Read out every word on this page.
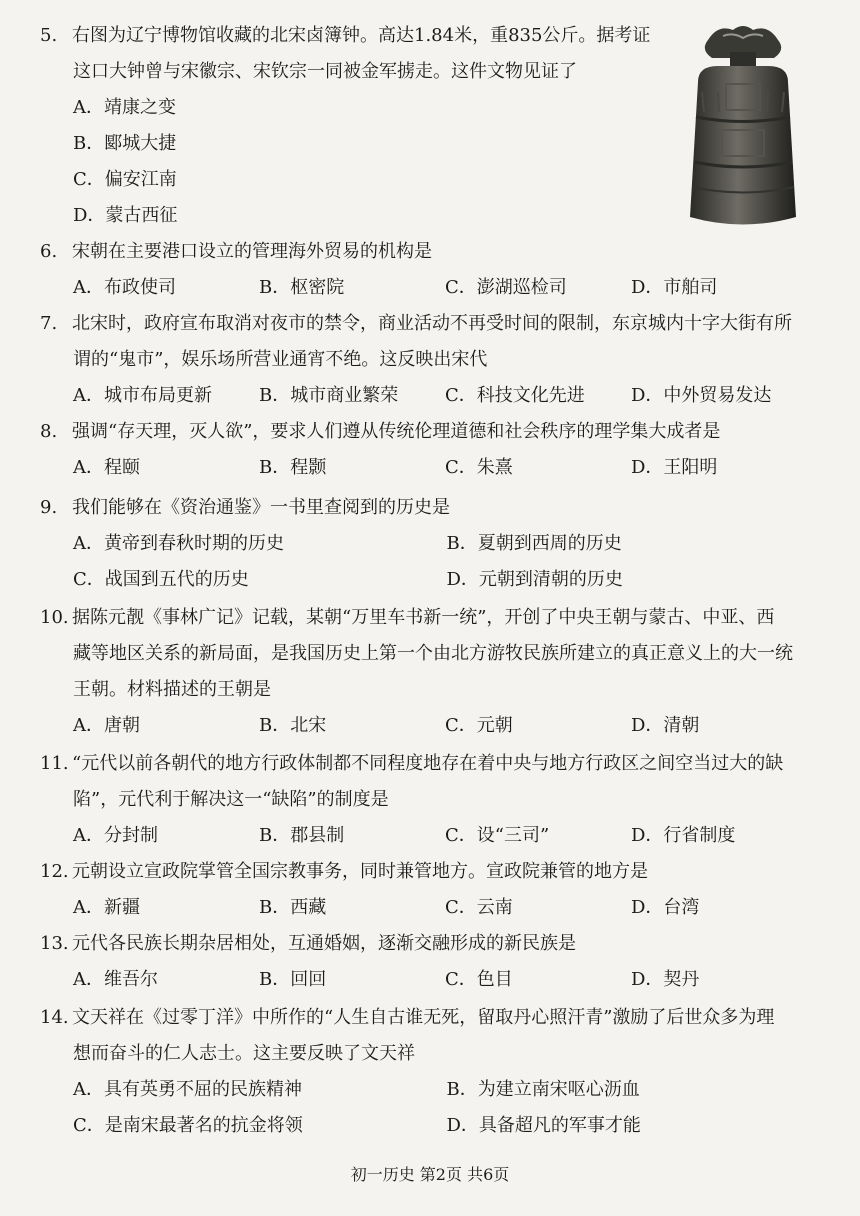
5. 右图为辽宁博物馆收藏的北宋卤簿钟。高达1.84米，重835公斤。据考证
这口大钟曾与宋徽宗、宋钦宗一同被金军掳走。这件文物见证了
A．靖康之变
B．郾城大捷
C．偏安江南
D．蒙古西征
6. 宋朝在主要港口设立的管理海外贸易的机构是
A．布政使司	B．枢密院	C．澎湖巡检司	D．市舶司
7. 北宋时，政府宣布取消对夜市的禁令，商业活动不再受时间的限制，东京城内十字大街有所
谓的“鬼市”，娱乐场所营业通宵不绝。这反映出宋代
A．城市布局更新	B．城市商业繁荣	C．科技文化先进	D．中外贸易发达
8. 强调“存天理，灭人欲”，要求人们遵从传统伦理道德和社会秩序的理学集大成者是
A．程颐	B．程颢	C．朱熹	D．王阳明
9. 我们能够在《资治通鉴》一书里查阅到的历史是
A．黄帝到春秋时期的历史	B．夏朝到西周的历史
C．战国到五代的历史	D．元朝到清朝的历史
10. 据陈元靓《事林广记》记载，某朝“万里车书新一统”，开创了中央王朝与蒙古、中亚、西
藏等地区关系的新局面，是我国历史上第一个由北方游牧民族所建立的真正意义上的大一统
王朝。材料描述的王朝是
A．唐朝	B．北宋	C．元朝	D．清朝
11. “元代以前各朝代的地方行政体制都不同程度地存在着中央与地方行政区之间空当过大的缺
陷”，元代利于解决这一“缺陷”的制度是
A．分封制	B．郡县制	C．设“三司”	D．行省制度
12. 元朝设立宣政院掌管全国宗教事务，同时兼管地方。宣政院兼管的地方是
A．新疆	B．西藏	C．云南	D．台湾
13. 元代各民族长期杂居相处，互通婚姻，逐渐交融形成的新民族是
A．维吾尔	B．回回	C．色目	D．契丹
14. 文天祥在《过零丁洋》中所作的“人生自古谁无死，留取丹心照汗青”激励了后世众多为理
想而奋斗的仁人志士。这主要反映了文天祥
A．具有英勇不屈的民族精神	B．为建立南宋呕心沥血
C．是南宋最著名的抗金将领	D．具备超凡的军事才能
初一历史 第2页 共6页
